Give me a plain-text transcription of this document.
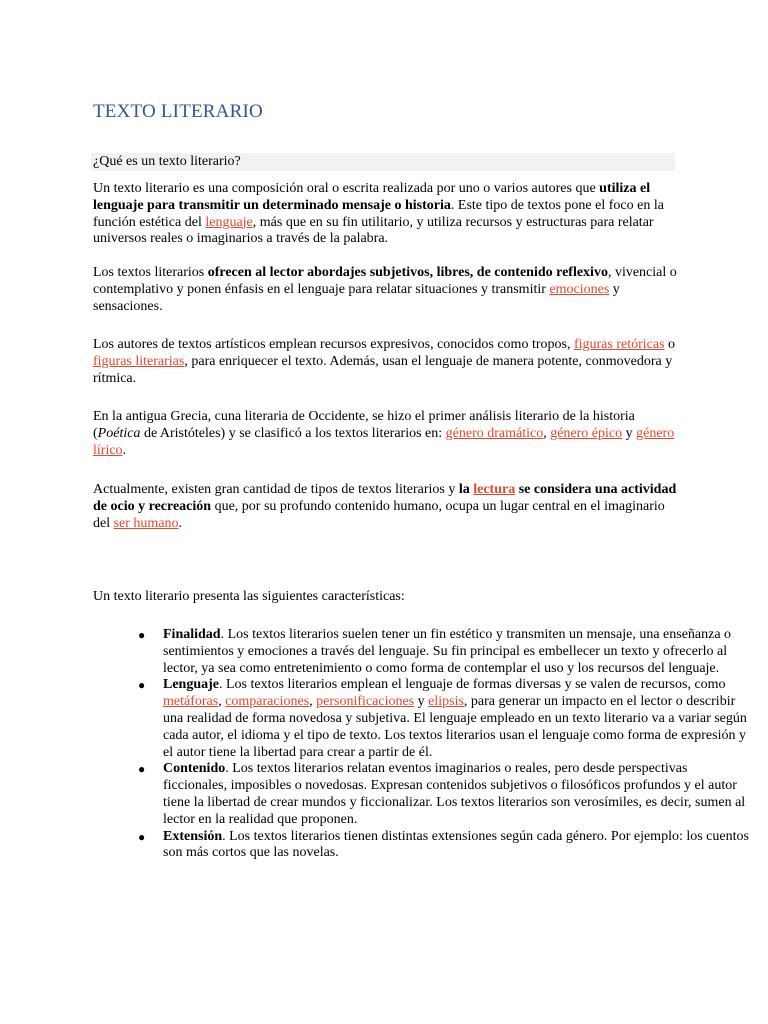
TEXTO LITERARIO
¿Qué es un texto literario?

Un texto literario es una composición oral o escrita realizada por uno o varios autores que utiliza el lenguaje para transmitir un determinado mensaje o historia. Este tipo de textos pone el foco en la función estética del lenguaje, más que en su fin utilitario, y utiliza recursos y estructuras para relatar universos reales o imaginarios a través de la palabra.

Los textos literarios ofrecen al lector abordajes subjetivos, libres, de contenido reflexivo, vivencial o contemplativo y ponen énfasis en el lenguaje para relatar situaciones y transmitir emociones y sensaciones.

Los autores de textos artísticos emplean recursos expresivos, conocidos como tropos, figuras retóricas o figuras literarias, para enriquecer el texto. Además, usan el lenguaje de manera potente, conmovedora y rítmica.

En la antigua Grecia, cuna literaria de Occidente, se hizo el primer análisis literario de la historia (Poética de Aristóteles) y se clasificó a los textos literarios en: género dramático, género épico y género lírico.

Actualmente, existen gran cantidad de tipos de textos literarios y la lectura se considera una actividad de ocio y recreación que, por su profundo contenido humano, ocupa un lugar central en el imaginario del ser humano.

Un texto literario presenta las siguientes características:

● Finalidad. Los textos literarios suelen tener un fin estético y transmiten un mensaje, una enseñanza o sentimientos y emociones a través del lenguaje. Su fin principal es embellecer un texto y ofrecerlo al lector, ya sea como entretenimiento o como forma de contemplar el uso y los recursos del lenguaje.
● Lenguaje. Los textos literarios emplean el lenguaje de formas diversas y se valen de recursos, como metáforas, comparaciones, personificaciones y elipsis, para generar un impacto en el lector o describir una realidad de forma novedosa y subjetiva. El lenguaje empleado en un texto literario va a variar según cada autor, el idioma y el tipo de texto. Los textos literarios usan el lenguaje como forma de expresión y el autor tiene la libertad para crear a partir de él.
● Contenido. Los textos literarios relatan eventos imaginarios o reales, pero desde perspectivas ficcionales, imposibles o novedosas. Expresan contenidos subjetivos o filosóficos profundos y el autor tiene la libertad de crear mundos y ficcionalizar. Los textos literarios son verosímiles, es decir, sumen al lector en la realidad que proponen.
● Extensión. Los textos literarios tienen distintas extensiones según cada género. Por ejemplo: los cuentos son más cortos que las novelas.
